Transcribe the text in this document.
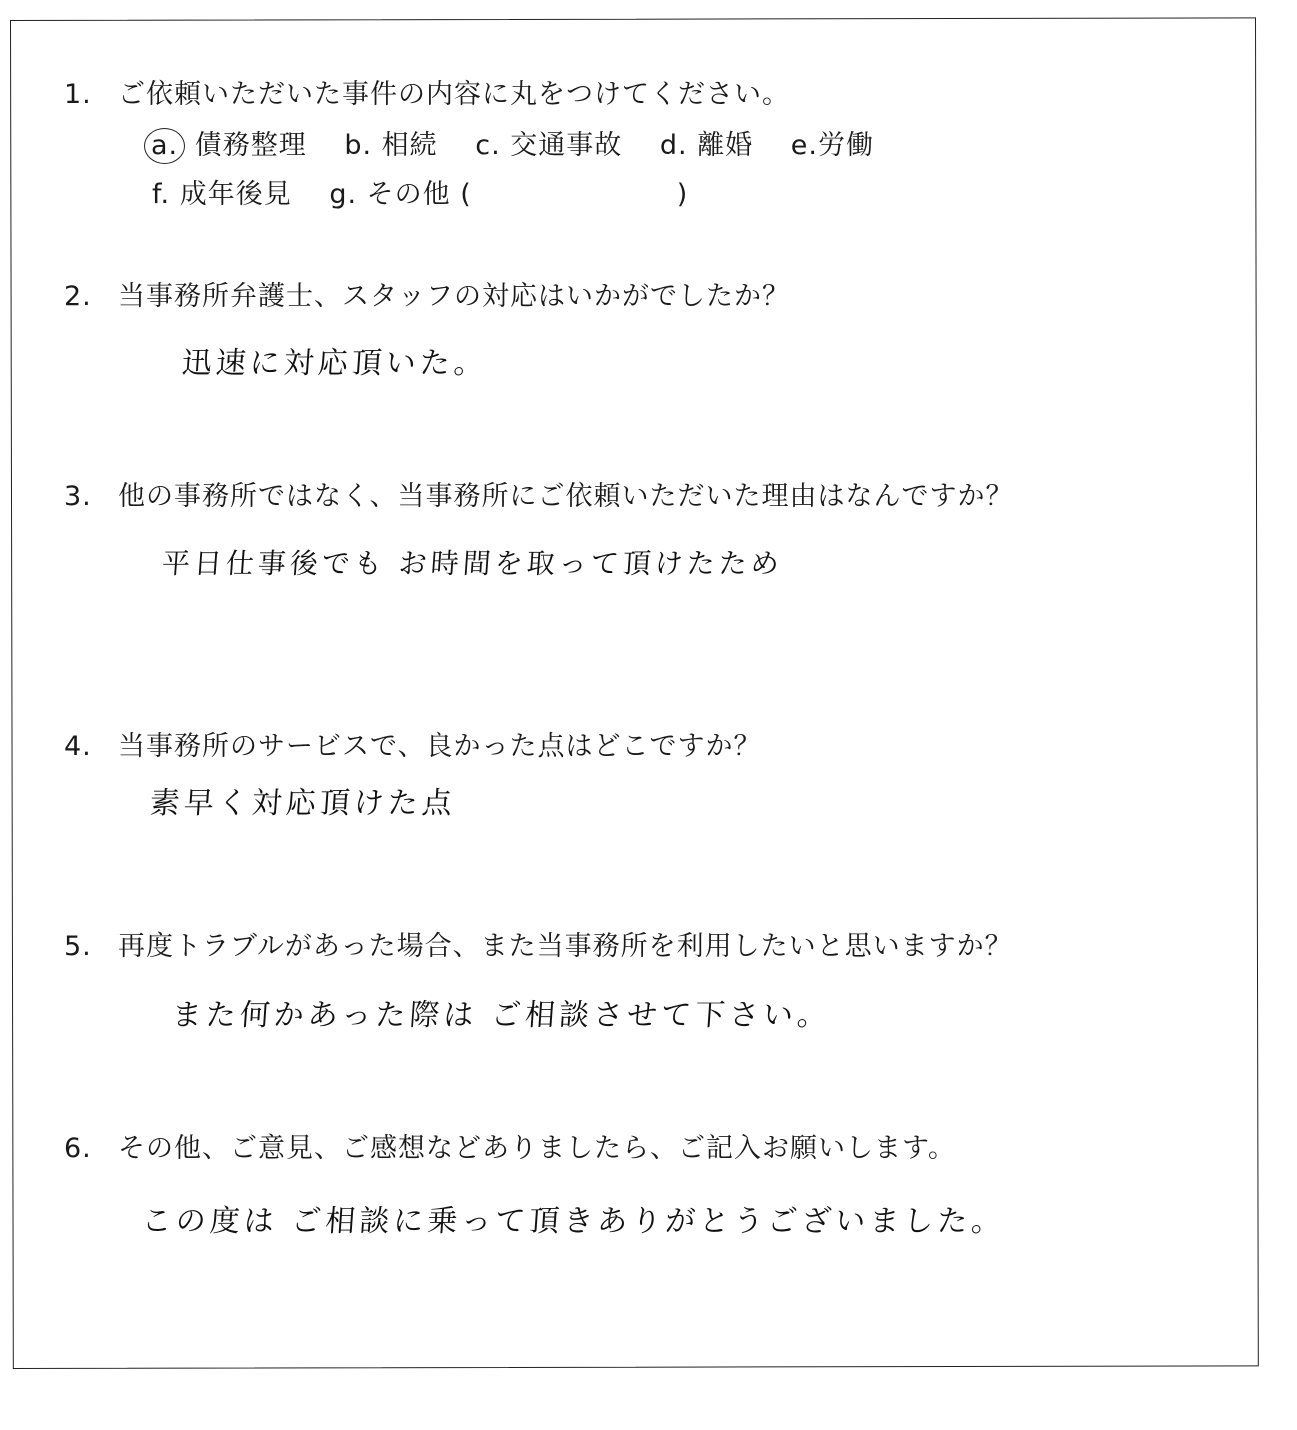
1. ご依頼いただいた事件の内容に丸をつけてください。
a. 債務整理 b. 相続 c. 交通事故 d. 離婚 e.労働
f. 成年後見 g. その他 (	)
2. 当事務所弁護士、スタッフの対応はいかがでしたか？
迅速に対応頂いた。
3. 他の事務所ではなく、当事務所にご依頼いただいた理由はなんですか？
平日仕事後でも お時間を取って頂けたため
4. 当事務所のサービスで、良かった点はどこですか？
素早く対応頂けた点
5. 再度トラブルがあった場合、また当事務所を利用したいと思いますか？
また何かあった際は ご相談させて下さい。
6. その他、ご意見、ご感想などありましたら、ご記入お願いします。
この度は ご相談に乗って頂きありがとうございました。
